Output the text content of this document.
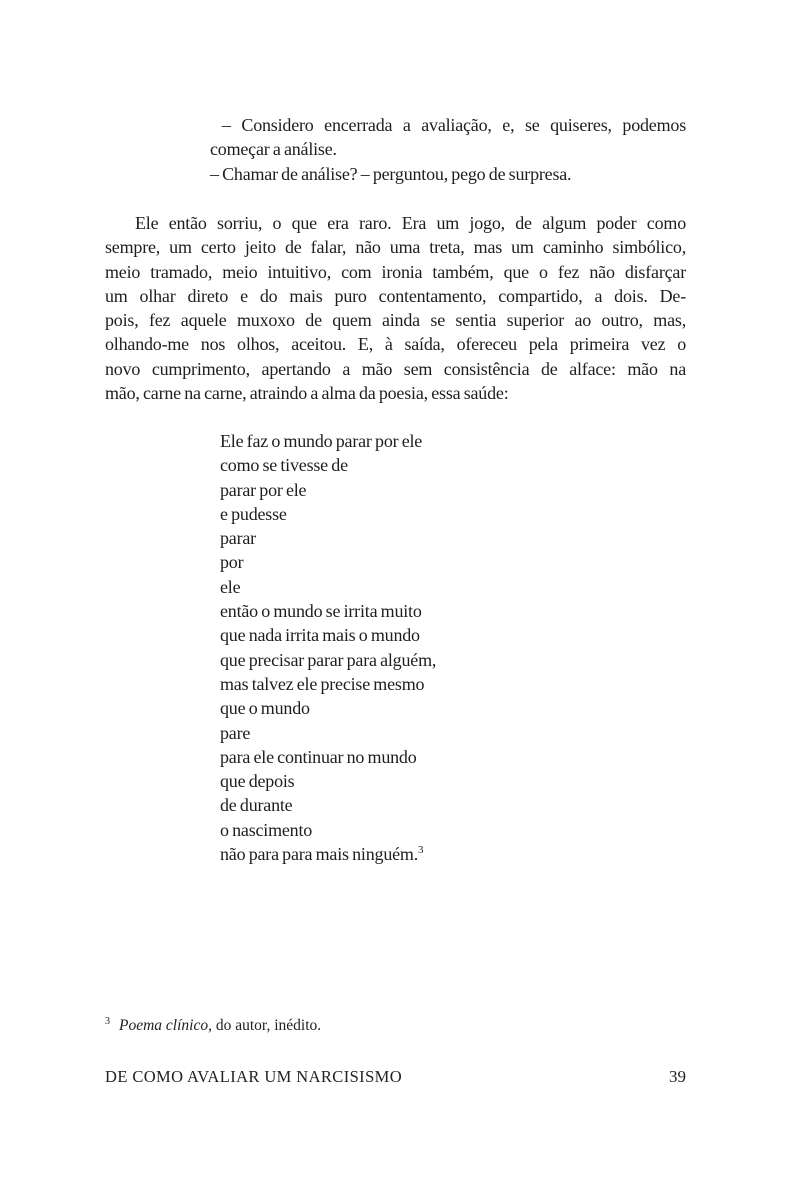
– Considero encerrada a avaliação, e, se quiseres, podemos
começar a análise.
– Chamar de análise? – perguntou, pego de surpresa.
Ele então sorriu, o que era raro. Era um jogo, de algum poder como
sempre, um certo jeito de falar, não uma treta, mas um caminho simbólico,
meio tramado, meio intuitivo, com ironia também, que o fez não disfarçar
um olhar direto e do mais puro contentamento, compartido, a dois. De-
pois, fez aquele muxoxo de quem ainda se sentia superior ao outro, mas,
olhando-me nos olhos, aceitou. E, à saída, ofereceu pela primeira vez o
novo cumprimento, apertando a mão sem consistência de alface: mão na
mão, carne na carne, atraindo a alma da poesia, essa saúde:
Ele faz o mundo parar por ele
como se tivesse de
parar por ele
e pudesse
parar
por
ele
então o mundo se irrita muito
que nada irrita mais o mundo
que precisar parar para alguém,
mas talvez ele precise mesmo
que o mundo
pare
para ele continuar no mundo
que depois
de durante
o nascimento
não para para mais ninguém.$^3$
$^3$ Poema clínico, do autor, inédito.
DE COMO AVALIAR UM NARCISISMO	39
